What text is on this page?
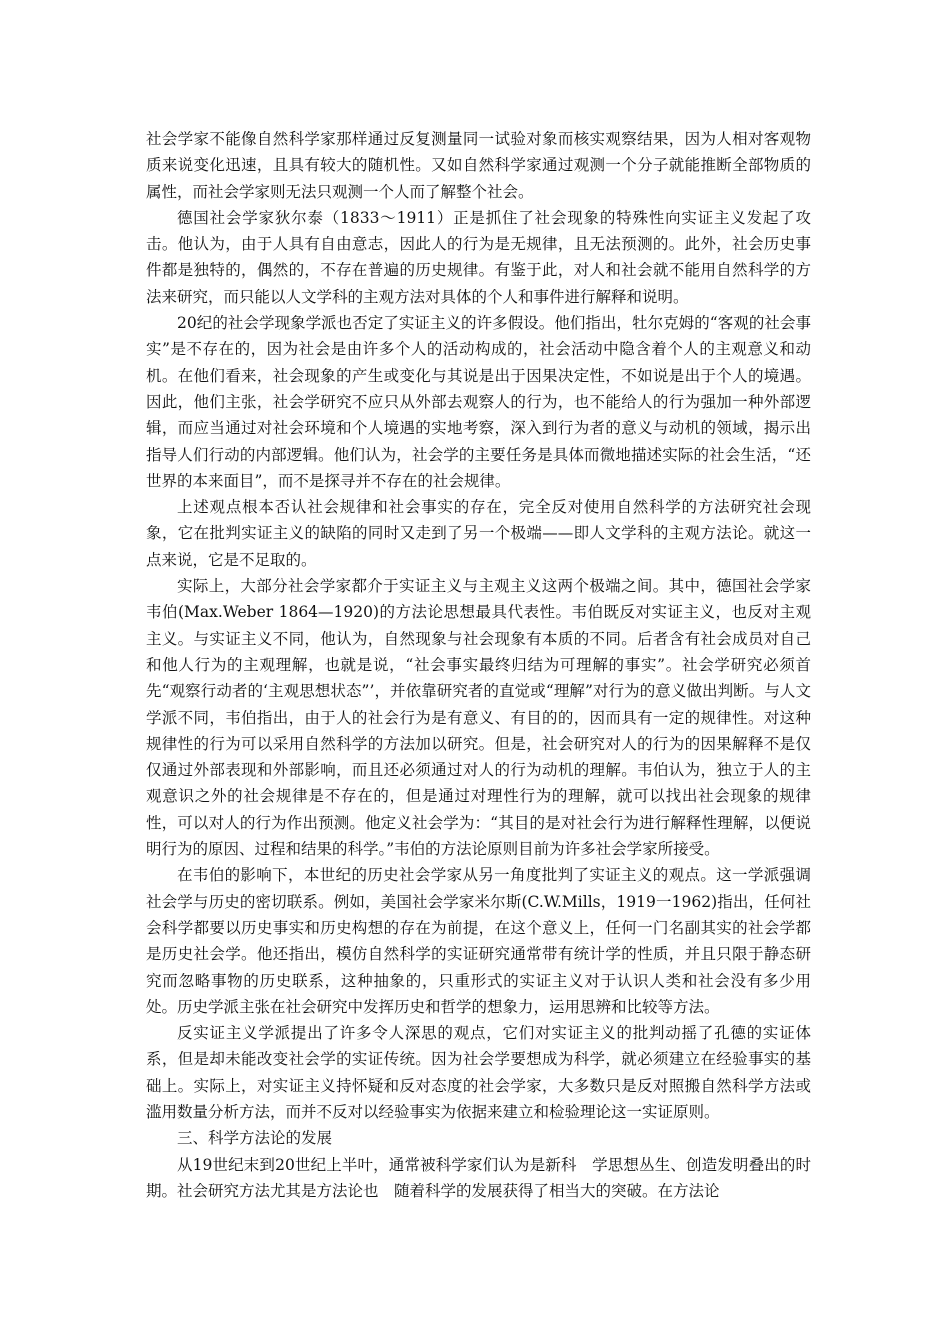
社会学家不能像自然科学家那样通过反复测量同一试验对象而核实观察结果，因为人相对客观物质来说变化迅速，且具有较大的随机性。又如自然科学家通过观测一个分子就能推断全部物质的属性，而社会学家则无法只观测一个人而了解整个社会。

德国社会学家狄尔泰（1833～1911）正是抓住了社会现象的特殊性向实证主义发起了攻击。他认为，由于人具有自由意志，因此人的行为是无规律，且无法预测的。此外，社会历史事件都是独特的，偶然的，不存在普遍的历史规律。有鉴于此，对人和社会就不能用自然科学的方法来研究，而只能以人文学科的主观方法对具体的个人和事件进行解释和说明。

20纪的社会学现象学派也否定了实证主义的许多假设。他们指出，牡尔克姆的“客观的社会事实”是不存在的，因为社会是由许多个人的活动构成的，社会活动中隐含着个人的主观意义和动机。在他们看来，社会现象的产生或变化与其说是出于因果决定性，不如说是出于个人的境遇。因此，他们主张，社会学研究不应只从外部去观察人的行为，也不能给人的行为强加一种外部逻辑，而应当通过对社会环境和个人境遇的实地考察，深入到行为者的意义与动机的领域，揭示出指导人们行动的内部逻辑。他们认为，社会学的主要任务是具体而微地描述实际的社会生活，“还世界的本来面目”，而不是探寻并不存在的社会规律。

上述观点根本否认社会规律和社会事实的存在，完全反对使用自然科学的方法研究社会现象，它在批判实证主义的缺陷的同时又走到了另一个极端——即人文学科的主观方法论。就这一点来说，它是不足取的。

实际上，大部分社会学家都介于实证主义与主观主义这两个极端之间。其中，德国社会学家韦伯(Max.Weber 1864—1920)的方法论思想最具代表性。韦伯既反对实证主义，也反对主观主义。与实证主义不同，他认为，自然现象与社会现象有本质的不同。后者含有社会成员对自己和他人行为的主观理解，也就是说，“社会事实最终归结为可理解的事实”。社会学研究必须首先“观察行动者的‘主观思想状态”’，并依靠研究者的直觉或“理解”对行为的意义做出判断。与人文学派不同，韦伯指出，由于人的社会行为是有意义、有目的的，因而具有一定的规律性。对这种规律性的行为可以采用自然科学的方法加以研究。但是，社会研究对人的行为的因果解释不是仅仅通过外部表现和外部影响，而且还必须通过对人的行为动机的理解。韦伯认为，独立于人的主观意识之外的社会规律是不存在的，但是通过对理性行为的理解，就可以找出社会现象的规律性，可以对人的行为作出预测。他定义社会学为：“其目的是对社会行为进行解释性理解，以便说明行为的原因、过程和结果的科学。”韦伯的方法论原则目前为许多社会学家所接受。

在韦伯的影响下，本世纪的历史社会学家从另一角度批判了实证主义的观点。这一学派强调社会学与历史的密切联系。例如，美国社会学家米尔斯(C.W.Mills，1919一1962)指出，任何社会科学都要以历史事实和历史构想的存在为前提，在这个意义上，任何一门名副其实的社会学都是历史社会学。他还指出，模仿自然科学的实证研究通常带有统计学的性质，并且只限于静态研究而忽略事物的历史联系，这种抽象的，只重形式的实证主义对于认识人类和社会没有多少用处。历史学派主张在社会研究中发挥历史和哲学的想象力，运用思辨和比较等方法。

反实证主义学派提出了许多令人深思的观点，它们对实证主义的批判动摇了孔德的实证体系，但是却未能改变社会学的实证传统。因为社会学要想成为科学，就必须建立在经验事实的基础上。实际上，对实证主义持怀疑和反对态度的社会学家，大多数只是反对照搬自然科学方法或滥用数量分析方法，而并不反对以经验事实为依据来建立和检验理论这一实证原则。

三、科学方法论的发展

从19世纪末到20世纪上半叶，通常被科学家们认为是新科　学思想丛生、创造发明叠出的时期。社会研究方法尤其是方法论也　随着科学的发展获得了相当大的突破。在方法论
